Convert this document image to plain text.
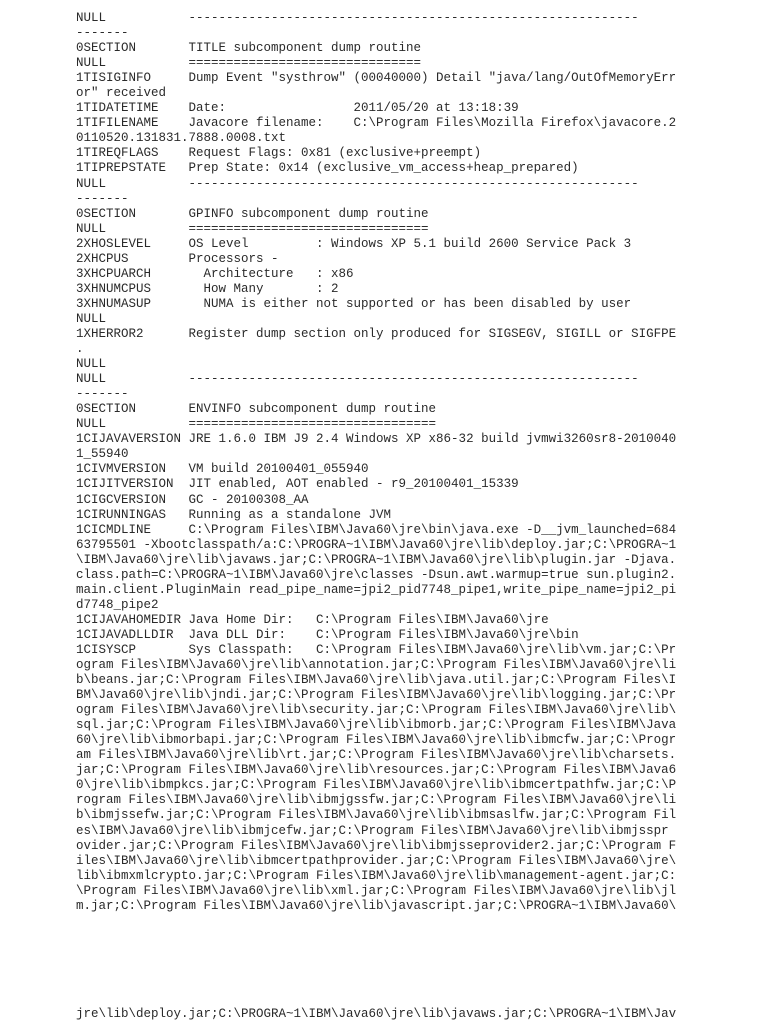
NULL           ------------------------------------------------------------
-------
0SECTION       TITLE subcomponent dump routine
NULL           ===============================
1TISIGINFO     Dump Event "systhrow" (00040000) Detail "java/lang/OutOfMemoryErr
or" received
1TIDATETIME    Date:                 2011/05/20 at 13:18:39
1TIFILENAME    Javacore filename:    C:\Program Files\Mozilla Firefox\javacore.2
0110520.131831.7888.0008.txt
1TIREQFLAGS    Request Flags: 0x81 (exclusive+preempt)
1TIPREPSTATE   Prep State: 0x14 (exclusive_vm_access+heap_prepared)
NULL           ------------------------------------------------------------
-------
0SECTION       GPINFO subcomponent dump routine
NULL           ================================
2XHOSLEVEL     OS Level         : Windows XP 5.1 build 2600 Service Pack 3
2XHCPUS        Processors -
3XHCPUARCH       Architecture   : x86
3XHNUMCPUS       How Many       : 2
3XHNUMASUP       NUMA is either not supported or has been disabled by user
NULL
1XHERROR2      Register dump section only produced for SIGSEGV, SIGILL or SIGFPE
.
NULL
NULL           ------------------------------------------------------------
-------
0SECTION       ENVINFO subcomponent dump routine
NULL           =================================
1CIJAVAVERSION JRE 1.6.0 IBM J9 2.4 Windows XP x86-32 build jvmwi3260sr8-2010040
1_55940
1CIVMVERSION   VM build 20100401_055940
1CIJITVERSION  JIT enabled, AOT enabled - r9_20100401_15339
1CIGCVERSION   GC - 20100308_AA
1CIRUNNINGAS   Running as a standalone JVM
1CICMDLINE     C:\Program Files\IBM\Java60\jre\bin\java.exe -D__jvm_launched=684
63795501 -Xbootclasspath/a:C:\PROGRA~1\IBM\Java60\jre\lib\deploy.jar;C:\PROGRA~1
\IBM\Java60\jre\lib\javaws.jar;C:\PROGRA~1\IBM\Java60\jre\lib\plugin.jar -Djava.
class.path=C:\PROGRA~1\IBM\Java60\jre\classes -Dsun.awt.warmup=true sun.plugin2.
main.client.PluginMain read_pipe_name=jpi2_pid7748_pipe1,write_pipe_name=jpi2_pi
d7748_pipe2
1CIJAVAHOMEDIR Java Home Dir:   C:\Program Files\IBM\Java60\jre
1CIJAVADLLDIR  Java DLL Dir:    C:\Program Files\IBM\Java60\jre\bin
1CISYSCP       Sys Classpath:   C:\Program Files\IBM\Java60\jre\lib\vm.jar;C:\Pr
ogram Files\IBM\Java60\jre\lib\annotation.jar;C:\Program Files\IBM\Java60\jre\li
b\beans.jar;C:\Program Files\IBM\Java60\jre\lib\java.util.jar;C:\Program Files\I
BM\Java60\jre\lib\jndi.jar;C:\Program Files\IBM\Java60\jre\lib\logging.jar;C:\Pr
ogram Files\IBM\Java60\jre\lib\security.jar;C:\Program Files\IBM\Java60\jre\lib\
sql.jar;C:\Program Files\IBM\Java60\jre\lib\ibmorb.jar;C:\Program Files\IBM\Java
60\jre\lib\ibmorbapi.jar;C:\Program Files\IBM\Java60\jre\lib\ibmcfw.jar;C:\Progr
am Files\IBM\Java60\jre\lib\rt.jar;C:\Program Files\IBM\Java60\jre\lib\charsets.
jar;C:\Program Files\IBM\Java60\jre\lib\resources.jar;C:\Program Files\IBM\Java6
0\jre\lib\ibmpkcs.jar;C:\Program Files\IBM\Java60\jre\lib\ibmcertpathfw.jar;C:\P
rogram Files\IBM\Java60\jre\lib\ibmjgssfw.jar;C:\Program Files\IBM\Java60\jre\li
b\ibmjssefw.jar;C:\Program Files\IBM\Java60\jre\lib\ibmsaslfw.jar;C:\Program Fil
es\IBM\Java60\jre\lib\ibmjcefw.jar;C:\Program Files\IBM\Java60\jre\lib\ibmjsspr
ovider.jar;C:\Program Files\IBM\Java60\jre\lib\ibmjsseprovider2.jar;C:\Program F
iles\IBM\Java60\jre\lib\ibmcertpathprovider.jar;C:\Program Files\IBM\Java60\jre\
lib\ibmxmlcrypto.jar;C:\Program Files\IBM\Java60\jre\lib\management-agent.jar;C:
\Program Files\IBM\Java60\jre\lib\xml.jar;C:\Program Files\IBM\Java60\jre\lib\jl
m.jar;C:\Program Files\IBM\Java60\jre\lib\javascript.jar;C:\PROGRA~1\IBM\Java60\
jre\lib\deploy.jar;C:\PROGRA~1\IBM\Java60\jre\lib\javaws.jar;C:\PROGRA~1\IBM\Jav
